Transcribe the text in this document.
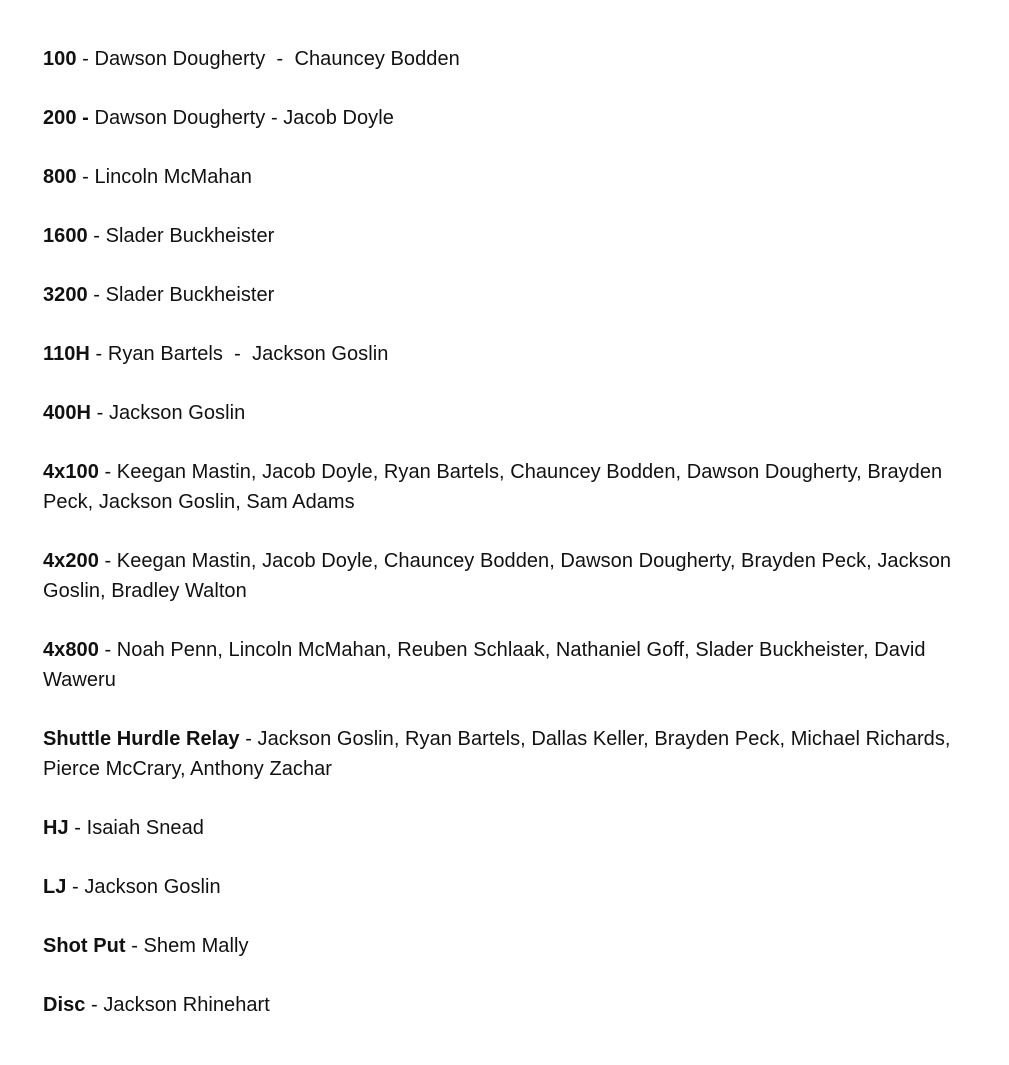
100 - Dawson Dougherty  -  Chauncey Bodden

200 - Dawson Dougherty - Jacob Doyle

800 - Lincoln McMahan

1600 - Slader Buckheister

3200 - Slader Buckheister

110H - Ryan Bartels  -  Jackson Goslin

400H - Jackson Goslin

4x100 - Keegan Mastin, Jacob Doyle, Ryan Bartels, Chauncey Bodden, Dawson Dougherty, Brayden Peck, Jackson Goslin, Sam Adams

4x200 - Keegan Mastin, Jacob Doyle, Chauncey Bodden, Dawson Dougherty, Brayden Peck, Jackson Goslin, Bradley Walton

4x800 - Noah Penn, Lincoln McMahan, Reuben Schlaak, Nathaniel Goff, Slader Buckheister, David Waweru

Shuttle Hurdle Relay - Jackson Goslin, Ryan Bartels, Dallas Keller, Brayden Peck, Michael Richards, Pierce McCrary, Anthony Zachar

HJ - Isaiah Snead

LJ - Jackson Goslin

Shot Put - Shem Mally

Disc - Jackson Rhinehart
